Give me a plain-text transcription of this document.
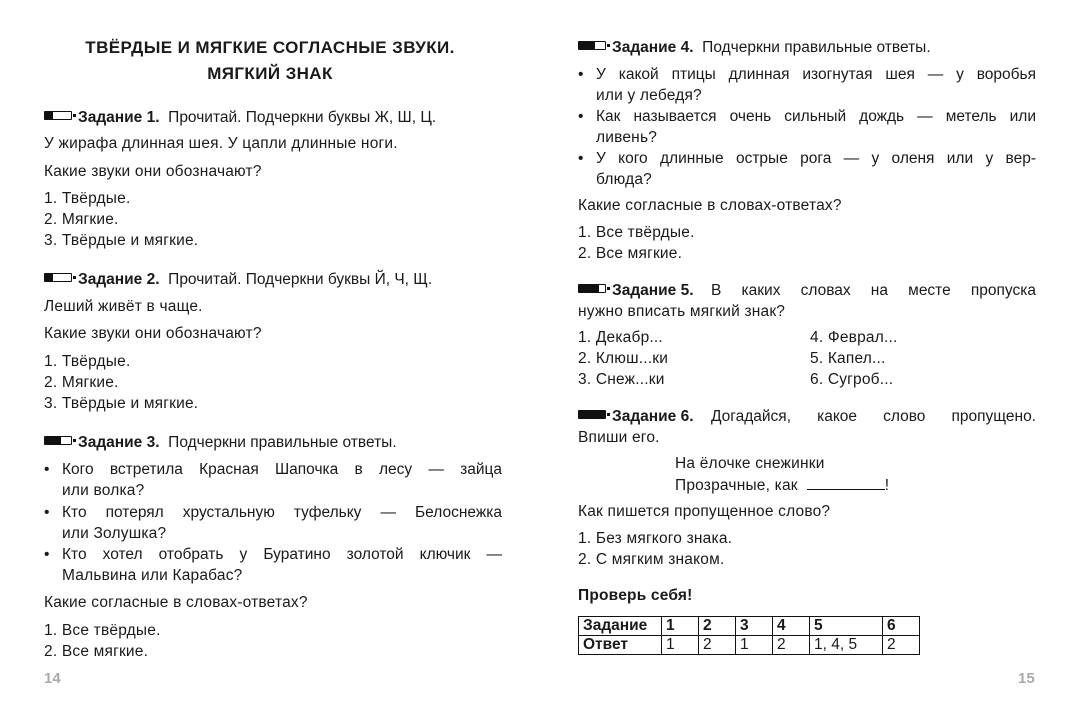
ТВЁРДЫЕ И МЯГКИЕ СОГЛАСНЫЕ ЗВУКИ.
МЯГКИЙ ЗНАК
Задание 1. Прочитай. Подчеркни буквы Ж, Ш, Ц.
У жирафа длинная шея. У цапли длинные ноги.
Какие звуки они обозначают?
1. Твёрдые.
2. Мягкие.
3. Твёрдые и мягкие.
Задание 2. Прочитай. Подчеркни буквы Й, Ч, Щ.
Леший живёт в чаще.
Какие звуки они обозначают?
1. Твёрдые.
2. Мягкие.
3. Твёрдые и мягкие.
Задание 3. Подчеркни правильные ответы.
• Кого встретила Красная Шапочка в лесу — зайца
или волка?
• Кто потерял хрустальную туфельку — Белоснежка
или Золушка?
• Кто хотел отобрать у Буратино золотой ключик —
Мальвина или Карабас?
Какие согласные в словах-ответах?
1. Все твёрдые.
2. Все мягкие.
14
Задание 4. Подчеркни правильные ответы.
• У какой птицы длинная изогнутая шея — у воробья
или у лебедя?
• Как называется очень сильный дождь — метель или
ливень?
• У кого длинные острые рога — у оленя или у вер-
блюда?
Какие согласные в словах-ответах?
1. Все твёрдые.
2. Все мягкие.
Задание 5. В каких словах на месте пропуска
нужно вписать мягкий знак?
1. Декабр...
2. Клюш...ки
3. Снеж...ки
4. Феврал...
5. Капел...
6. Сугроб...
Задание 6. Догадайся, какое слово пропущено.
Впиши его.
На ёлочке снежинки
Прозрачные, как	!
Как пишется пропущенное слово?
1. Без мягкого знака.
2. С мягким знаком.
Проверь себя!
Задание	1	2	3	4	5	6
Ответ	1	2	1	2	1, 4, 5	2
15
